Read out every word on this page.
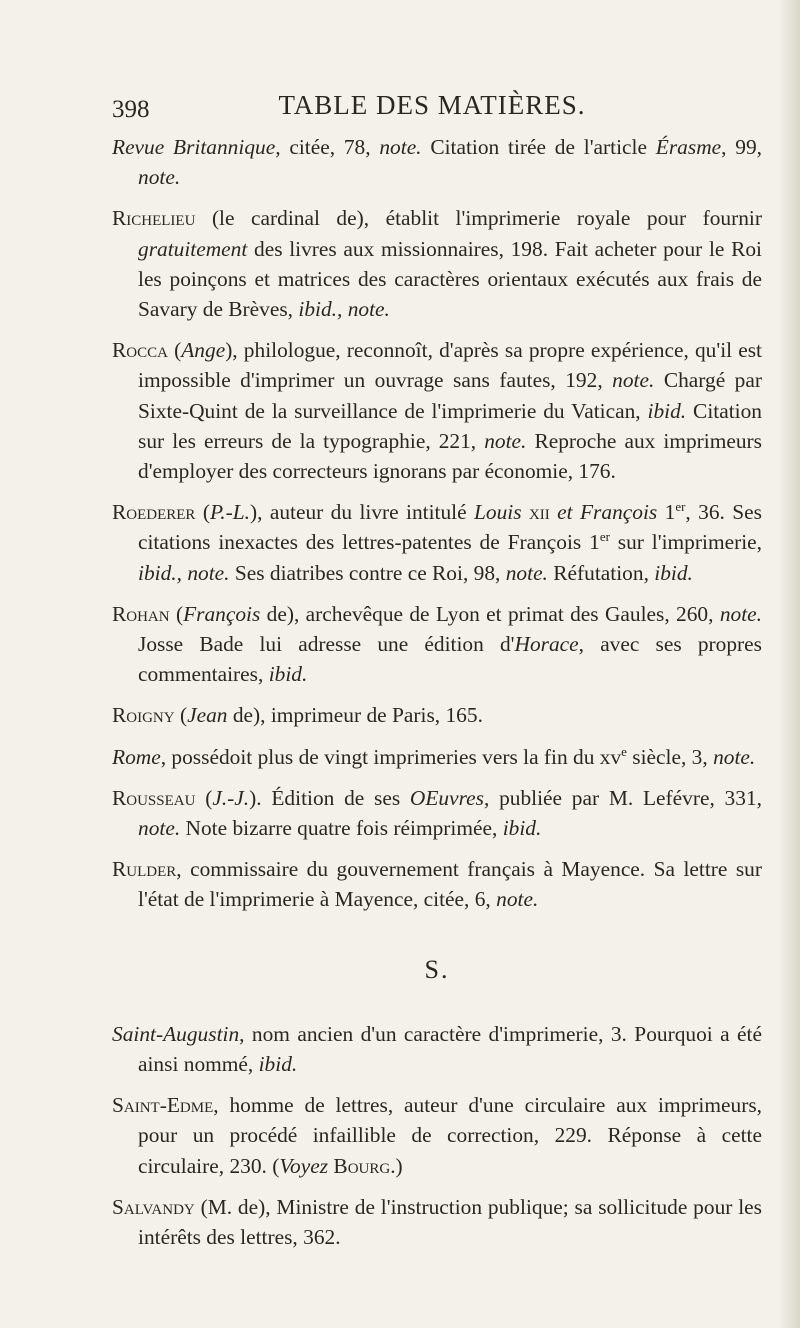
398	TABLE DES MATIÈRES.

Revue Britannique, citée, 78, note. Citation tirée de l'article Érasme, 99, note.

Richelieu (le cardinal de), établit l'imprimerie royale pour fournir gratuitement des livres aux missionnaires, 198. Fait acheter pour le Roi les poinçons et matrices des caractères orientaux exécutés aux frais de Savary de Brèves, ibid., note.

Rocca (Ange), philologue, reconnoît, d'après sa propre expérience, qu'il est impossible d'imprimer un ouvrage sans fautes, 192, note. Chargé par Sixte-Quint de la surveillance de l'imprimerie du Vatican, ibid. Citation sur les erreurs de la typographie, 221, note. Reproche aux imprimeurs d'employer des correcteurs ignorans par économie, 176.

Roederer (P.-L.), auteur du livre intitulé Louis xii et François 1er, 36. Ses citations inexactes des lettres-patentes de François 1er sur l'imprimerie, ibid., note. Ses diatribes contre ce Roi, 98, note. Réfutation, ibid.

Rohan (François de), archevêque de Lyon et primat des Gaules, 260, note. Josse Bade lui adresse une édition d'Horace, avec ses propres commentaires, ibid.

Roigny (Jean de), imprimeur de Paris, 165.

Rome, possédoit plus de vingt imprimeries vers la fin du $xv^e$ siècle, 3, note.

Rousseau (J.-J.). Édition de ses OEuvres, publiée par M. Lefévre, 331, note. Note bizarre quatre fois réimprimée, ibid.

Rulder, commissaire du gouvernement français à Mayence. Sa lettre sur l'état de l'imprimerie à Mayence, citée, 6, note.

S.

Saint-Augustin, nom ancien d'un caractère d'imprimerie, 3. Pourquoi a été ainsi nommé, ibid.

Saint-Edme, homme de lettres, auteur d'une circulaire aux imprimeurs, pour un procédé infaillible de correction, 229. Réponse à cette circulaire, 230. (Voyez Bourg.)

Salvandy (M. de), Ministre de l'instruction publique; sa sollicitude pour les intérêts des lettres, 362.
